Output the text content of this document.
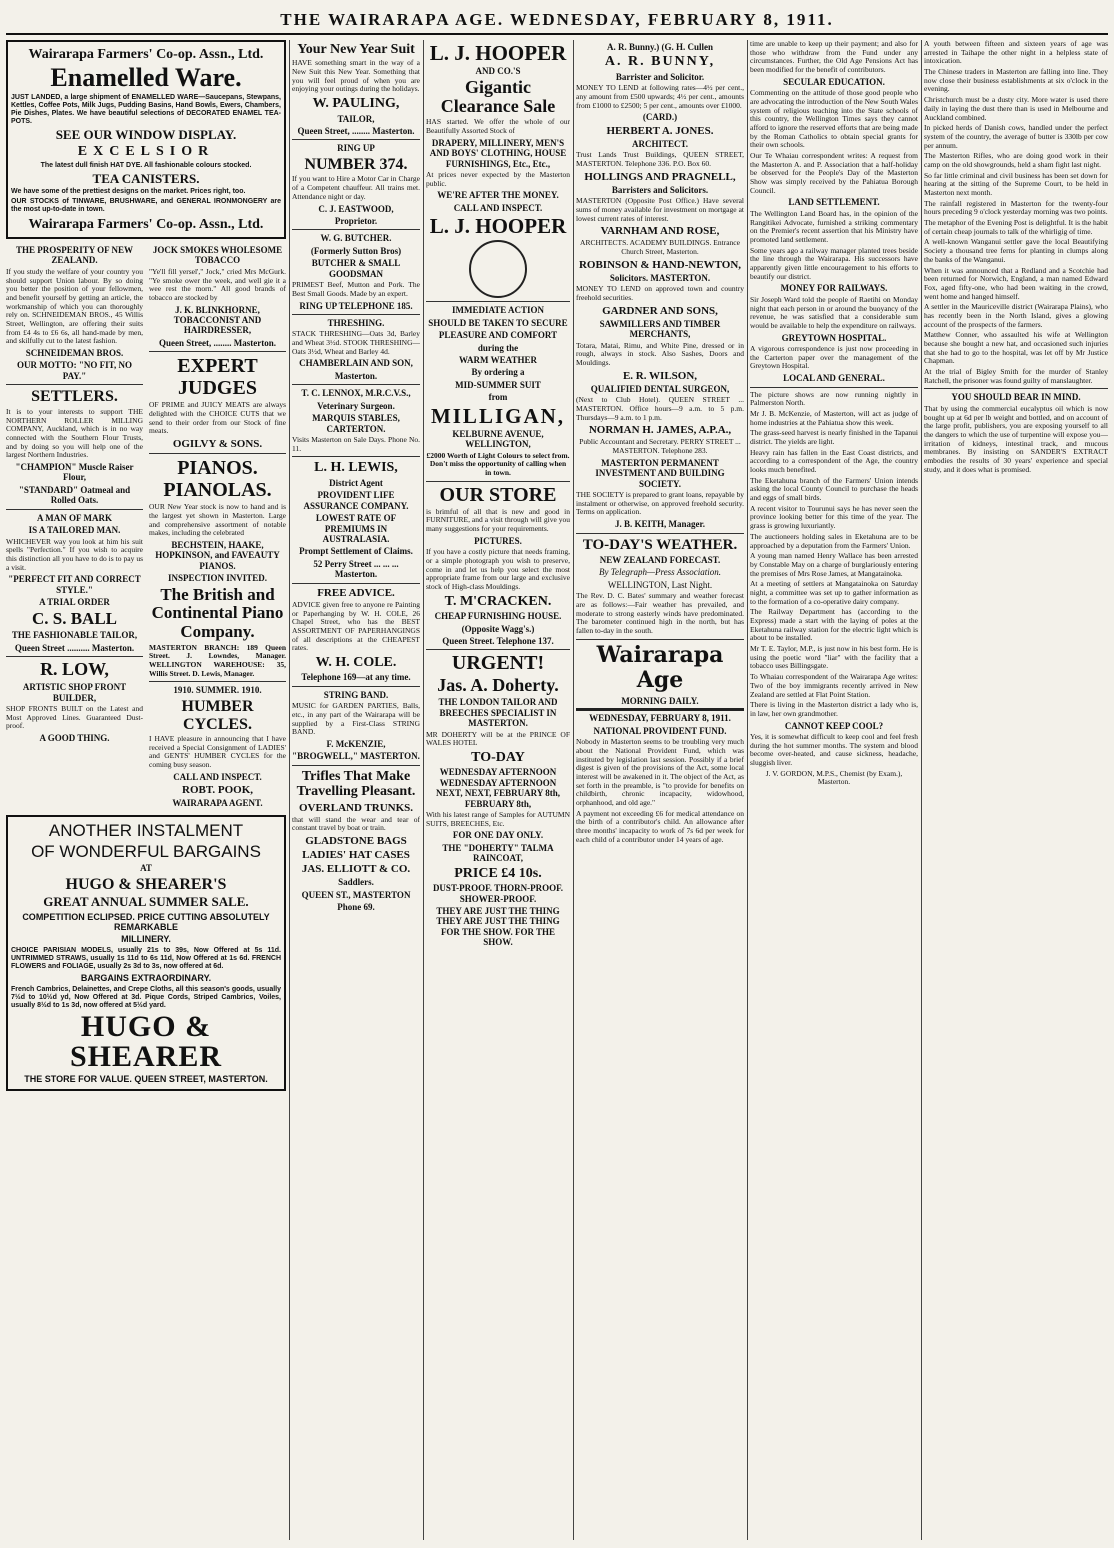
THE WAIRARAPA AGE. WEDNESDAY, FEBRUARY 8, 1911.
Wairarapa Farmers' Co-op. Assn., Ltd.
Enamelled Ware.

JUST LANDED, a large shipment of ENAMELLED WARE—Saucepans, Stewpans, Kettles, Coffee Pots, Milk Jugs, Pudding Basins, Hand Bowls, Ewers, Chambers, Pie Dishes, Plates. We have beautiful selections of DECORATED ENAMEL TEA-POTS.

SEE OUR WINDOW DISPLAY.
EXCELSIOR

The latest dull finish HAT DYE. All fashionable colours stocked.

TEA CANISTERS.

We have some of the prettiest designs on the market. Prices right, too.

OUR STOCKS of TINWARE, BRUSHWARE, and GENERAL IRONMONGERY are the most up-to-date in town.

Wairarapa Farmers' Co-op. Assn., Ltd.
THE PROSPERITY OF NEW ZEALAND.

If you study the welfare of your country you should support Union labour. By so doing you better the position of your fellowmen, and benefit yourself by getting an article, the workmanship of which you can thoroughly rely on. SCHNEIDEMAN BROS., 45 Willis Street, Wellington, are offering their suits from £4 4s to £6 6s, all hand-made by men, and skilfully cut to the latest fashion.

SCHNEIDEMAN BROS.
OUR MOTTO: "NO FIT, NO PAY."
SETTLERS.

It is to your interests to support THE NORTHERN ROLLER MILLING COMPANY, Auckland, which is in no way connected with the Southern Flour Trusts, and by doing so you will help one of the largest Northern Industries.

"CHAMPION" Muscle Raiser Flour,
"STANDARD" Oatmeal and Rolled Oats.
A MAN OF MARK
IS A TAILORED MAN.

WHICHEVER way you look at him his suit spells "Perfection." If you wish to acquire this distinction all you have to do is to pay us a visit.

"PERFECT FIT AND CORRECT STYLE."
A TRIAL ORDER
C. S. BALL
THE FASHIONABLE TAILOR,
Queen Street .......... Masterton.
R. LOW,
ARTISTIC SHOP FRONT BUILDER,

SHOP FRONTS BUILT on the Latest and Most Approved Lines. Guaranteed Dust-proof.

A GOOD THING.
JOCK SMOKES WHOLESOME TOBACCO

"Ye'll fill yersel'," Jock," cried Mrs McGurk. "Ye smoke ower the week, and well gie it a wee rest the morn." All good brands of tobacco are stocked by

J. K. BLINKHORNE, TOBACCONIST AND HAIRDRESSER,
Queen Street, ........ Masterton.
EXPERT JUDGES

OF PRIME and JUICY MEATS are always delighted with the CHOICE CUTS that we send to their order from our Stock of fine meats.

OGILVY & SONS.
PIANOS. PIANOLAS.

OUR New Year stock is now to hand and is the largest yet shown in Masterton. Large and comprehensive assortment of notable makes, including the celebrated

BECHSTEIN, HAAKE, HOPKINSON, and FAVEAUTY PIANOS.
INSPECTION INVITED.
The British and Continental Piano Company.

MASTERTON BRANCH: 189 Queen Street. J. Lowndes, Manager. WELLINGTON WAREHOUSE: 35, Willis Street. D. Lewis, Manager.

1910. SUMMER. 1910.
HUMBER CYCLES.

I HAVE pleasure in announcing that I have received a Special Consignment of LADIES' and GENTS' HUMBER CYCLES for the coming busy season.

CALL AND INSPECT.
ROBT. POOK,
WAIRARAPA AGENT.
ANOTHER INSTALMENT
OF WONDERFUL BARGAINS
AT
HUGO & SHEARER'S
GREAT ANNUAL SUMMER SALE.
COMPETITION ECLIPSED. PRICE CUTTING ABSOLUTELY REMARKABLE
MILLINERY.

CHOICE PARISIAN MODELS, usually 21s to 39s, Now Offered at 5s 11d. UNTRIMMED STRAWS, usually 1s 11d to 6s 11d, Now Offered at 1s 6d. FRENCH FLOWERS and FOLIAGE, usually 2s 3d to 3s, now offered at 6d.

BARGAINS EXTRAORDINARY.

French Cambrics, Delainettes, and Crepe Cloths, all this season's goods, usually 7½d to 10½d yd, Now Offered at 3d. Pique Cords, Striped Cambrics, Voiles, usually 8½d to 1s 3d, now offered at 5½d yard.

HUGO & SHEARER
THE STORE FOR VALUE. QUEEN STREET, MASTERTON.
Your New Year Suit

HAVE something smart in the way of a New Suit this New Year. Something that you will feel proud of when you are enjoying your outings during the holidays.

W. PAULING,
TAILOR,
Queen Street, ........ Masterton.
RING UP
NUMBER 374.

If you want to Hire a Motor Car in Charge of a Competent chauffeur. All trains met. Attendance night or day.

C. J. EASTWOOD,
Proprietor.
W. G. BUTCHER.
(Formerly Sutton Bros)
BUTCHER & SMALL GOODSMAN

PRIMEST Beef, Mutton and Pork. The Best Small Goods. Made by an expert.

RING UP TELEPHONE 185.
THRESHING.

STACK THRESHING—Oats 3d, Barley and Wheat 3½d. STOOK THRESHING—Oats 3½d, Wheat and Barley 4d.

CHAMBERLAIN AND SON,
Masterton.
T. C. LENNOX, M.R.C.V.S.,
Veterinary Surgeon.
MARQUIS STABLES, CARTERTON.

Visits Masterton on Sale Days. Phone No. 11.

L. H. LEWIS,
District Agent
PROVIDENT LIFE ASSURANCE COMPANY.
LOWEST RATE OF PREMIUMS IN AUSTRALASIA.
Prompt Settlement of Claims.
52 Perry Street ... ... ... Masterton.
FREE ADVICE.

ADVICE given free to anyone re Painting or Paperhanging by W. H. COLE, 26 Chapel Street, who has the BEST ASSORTMENT OF PAPERHANGINGS of all descriptions at the CHEAPEST rates.

W. H. COLE.
Telephone 169—at any time.
STRING BAND.

MUSIC for GARDEN PARTIES, Balls, etc., in any part of the Wairarapa will be supplied by a First-Class STRING BAND.

F. McKENZIE,
"BROGWELL," MASTERTON.
Trifles That Make Travelling Pleasant.
OVERLAND TRUNKS.

that will stand the wear and tear of constant travel by boat or train.

GLADSTONE BAGS
LADIES' HAT CASES
JAS. ELLIOTT & CO.
Saddlers.
QUEEN ST., MASTERTON
Phone 69.
L. J. HOOPER
AND CO.'S
Gigantic Clearance Sale

HAS started. We offer the whole of our Beautifully Assorted Stock of

DRAPERY, MILLINERY, MEN'S AND BOYS' CLOTHING, HOUSE FURNISHINGS, Etc., Etc.,

At prices never expected by the Masterton public.

WE'RE AFTER THE MONEY.
CALL AND INSPECT.
L. J. HOOPER
IMMEDIATE ACTION
SHOULD BE TAKEN TO SECURE
PLEASURE AND COMFORT
during the
WARM WEATHER
By ordering a
MID-SUMMER SUIT
from
MILLIGAN,
KELBURNE AVENUE, WELLINGTON,

£2000 Worth of Light Colours to select from. Don't miss the opportunity of calling when in town.

OUR STORE

is brimful of all that is new and good in FURNITURE, and a visit through will give you many suggestions for your requirements.

PICTURES.

If you have a costly picture that needs framing, or a simple photograph you wish to preserve, come in and let us help you select the most appropriate frame from our large and exclusive stock of High-class Mouldings.

T. M'CRACKEN.
CHEAP FURNISHING HOUSE.
(Opposite Wagg's.)
Queen Street. Telephone 137.
URGENT!
Jas. A. Doherty.
THE LONDON TAILOR AND BREECHES SPECIALIST IN MASTERTON.

MR DOHERTY will be at the PRINCE OF WALES HOTEL

TO-DAY
WEDNESDAY AFTERNOON WEDNESDAY AFTERNOON NEXT, NEXT, FEBRUARY 8th, FEBRUARY 8th,

With his latest range of Samples for AUTUMN SUITS, BREECHES, Etc.

FOR ONE DAY ONLY.
THE "DOHERTY" TALMA RAINCOAT,
PRICE £4 10s.
DUST-PROOF. THORN-PROOF. SHOWER-PROOF.
THEY ARE JUST THE THING THEY ARE JUST THE THING FOR THE SHOW. FOR THE SHOW.
A. R. Bunny.) (G. H. Cullen
A. R. BUNNY,
Barrister and Solicitor.

MONEY TO LEND at following rates—4½ per cent., any amount from £500 upwards; 4½ per cent., amounts from £1000 to £2500; 5 per cent., amounts over £1000.

(CARD.)
HERBERT A. JONES.
ARCHITECT.

Trust Lands Trust Buildings, QUEEN STREET, MASTERTON. Telephone 336. P.O. Box 60.

HOLLINGS AND PRAGNELL,
Barristers and Solicitors.

MASTERTON (Opposite Post Office.) Have several sums of money available for investment on mortgage at lowest current rates of interest.

VARNHAM AND ROSE,

ARCHITECTS. ACADEMY BUILDINGS. Entrance Church Street, Masterton.

ROBINSON & HAND-NEWTON,
Solicitors. MASTERTON.

MONEY TO LEND on approved town and country freehold securities.

GARDNER AND SONS,
SAWMILLERS AND TIMBER MERCHANTS,

Totara, Matai, Rimu, and White Pine, dressed or in rough, always in stock. Also Sashes, Doors and Mouldings.

E. R. WILSON,
QUALIFIED DENTAL SURGEON,

(Next to Club Hotel). QUEEN STREET ... MASTERTON. Office hours—9 a.m. to 5 p.m. Thursdays—9 a.m. to 1 p.m.

NORMAN H. JAMES, A.P.A.,

Public Accountant and Secretary. PERRY STREET ... MASTERTON. Telephone 283.

MASTERTON PERMANENT INVESTMENT AND BUILDING SOCIETY.

THE SOCIETY is prepared to grant loans, repayable by instalment or otherwise, on approved freehold security. Terms on application.

J. B. KEITH, Manager.
TO-DAY'S WEATHER.
NEW ZEALAND FORECAST.
By Telegraph—Press Association.
WELLINGTON, Last Night.

The Rev. D. C. Bates' summary and weather forecast are as follows:—Fair weather has prevailed, and moderate to strong easterly winds have predominated. The barometer continued high in the north, but has fallen to-day in the south.

Wairarapa Age
MORNING DAILY.
WEDNESDAY, FEBRUARY 8, 1911.
NATIONAL PROVIDENT FUND.

Nobody in Masterton seems to be troubling very much about the National Provident Fund, which was instituted by legislation last session. Possibly if a brief digest is given of the provisions of the Act, some local interest will be awakened in it. The object of the Act, as set forth in the preamble, is "to provide for benefits on childbirth, chronic incapacity, widowhood, orphanhood, and old age."

A payment not exceeding £6 for medical attendance on the birth of a contributor's child. An allowance after three months' incapacity to work of 7s 6d per week for each child of a contributor under 14 years of age.

time are unable to keep up their payment; and also for those who withdraw from the Fund under any circumstances. Further, the Old Age Pensions Act has been modified for the benefit of contributors.

SECULAR EDUCATION.

Commenting on the attitude of those good people who are advocating the introduction of the New South Wales system of religious teaching into the State schools of this country, the Wellington Times says they cannot afford to ignore the reserved efforts that are being made by the Roman Catholics to obtain special grants for their own schools.

Our Te Whaiau correspondent writes: A request from the Masterton A. and P. Association that a half-holiday be observed for the People's Day of the Masterton Show was simply received by the Pahiatua Borough Council.

LAND SETTLEMENT.

The Wellington Land Board has, in the opinion of the Rangitikei Advocate, furnished a striking commentary on the Premier's recent assertion that his Ministry have promoted land settlement.

Some years ago a railway manager planted trees beside the line through the Wairarapa. His successors have apparently given little encouragement to his efforts to beautify our district.

MONEY FOR RAILWAYS.

Sir Joseph Ward told the people of Raetihi on Monday night that each person in or around the buoyancy of the revenue, he was satisfied that a considerable sum would be available to help the expenditure on railways.

GREYTOWN HOSPITAL.

A vigorous correspondence is just now proceeding in the Carterton paper over the management of the Greytown Hospital.

LOCAL AND GENERAL.

The picture shows are now running nightly in Palmerston North.

Mr J. B. McKenzie, of Masterton, will act as judge of home industries at the Pahiatua show this week.

The grass-seed harvest is nearly finished in the Tapanui district. The yields are light.

Heavy rain has fallen in the East Coast districts, and according to a correspondent of the Age, the country looks much benefited.

The Eketahuna branch of the Farmers' Union intends asking the local County Council to purchase the heads and eggs of small birds.

A recent visitor to Tourunui says he has never seen the province looking better for this time of the year. The grass is growing luxuriantly.

The auctioneers holding sales in Eketahuna are to be approached by a deputation from the Farmers' Union.

A young man named Henry Wallace has been arrested by Constable May on a charge of burglariously entering the premises of Mrs Rose James, at Mangatainoka.

At a meeting of settlers at Mangatainoka on Saturday night, a committee was set up to gather information as to the formation of a co-operative dairy company.

The Railway Department has (according to the Express) made a start with the laying of poles at the Eketahuna railway station for the electric light which is about to be installed.

Mr T. E. Taylor, M.P., is just now in his best form. He is using the poetic word "liar" with the facility that a tobacco uses Billingsgate.

To Whaiau correspondent of the Wairarapa Age writes: Two of the boy immigrants recently arrived in New Zealand are settled at Flat Point Station.

There is living in the Masterton district a lady who is, in law, her own grandmother.

CANNOT KEEP COOL?

Yes, it is somewhat difficult to keep cool and feel fresh during the hot summer months. The system and blood become over-heated, and cause sickness, headache, sluggish liver.

J. V. GORDON, M.P.S., Chemist (by Exam.), Masterton.

A youth between fifteen and sixteen years of age was arrested in Taihape the other night in a helpless state of intoxication.

The Chinese traders in Masterton are falling into line. They now close their business establishments at six o'clock in the evening.

Christchurch must be a dusty city. More water is used there daily in laying the dust there than is used in Melbourne and Auckland combined.

In picked herds of Danish cows, handled under the perfect system of the country, the average of butter is 330lb per cow per annum.

The Masterton Rifles, who are doing good work in their camp on the old showgrounds, held a sham fight last night.

So far little criminal and civil business has been set down for hearing at the sitting of the Supreme Court, to be held in Masterton next month.

The rainfall registered in Masterton for the twenty-four hours preceding 9 o'clock yesterday morning was two points.

The metaphor of the Evening Post is delightful. It is the habit of certain cheap journals to talk of the whirligig of time.

A well-known Wanganui settler gave the local Beautifying Society a thousand tree ferns for planting in clumps along the banks of the Wanganui.

When it was announced that a Redland and a Scotchie had been returned for Norwich, England, a man named Edward Fox, aged fifty-one, who had been waiting in the crowd, went home and hanged himself.

A settler in the Mauriceville district (Wairarapa Plains), who has recently been in the North Island, gives a glowing account of the prospects of the farmers.

Matthew Conner, who assaulted his wife at Wellington because she bought a new hat, and occasioned such injuries that she had to go to the hospital, was let off by Mr Justice Chapman.

At the trial of Bigley Smith for the murder of Stanley Ratchell, the prisoner was found guilty of manslaughter.

YOU SHOULD BEAR IN MIND.

That by using the commercial eucalyptus oil which is now bought up at 6d per lb weight and bottled, and on account of the large profit, publishers, you are exposing yourself to all the dangers to which the use of turpentine will expose you—irritation of kidneys, intestinal track, and mucous membranes. By insisting on SANDER'S EXTRACT embodies the results of 30 years' experience and special study, and it does what is promised.
